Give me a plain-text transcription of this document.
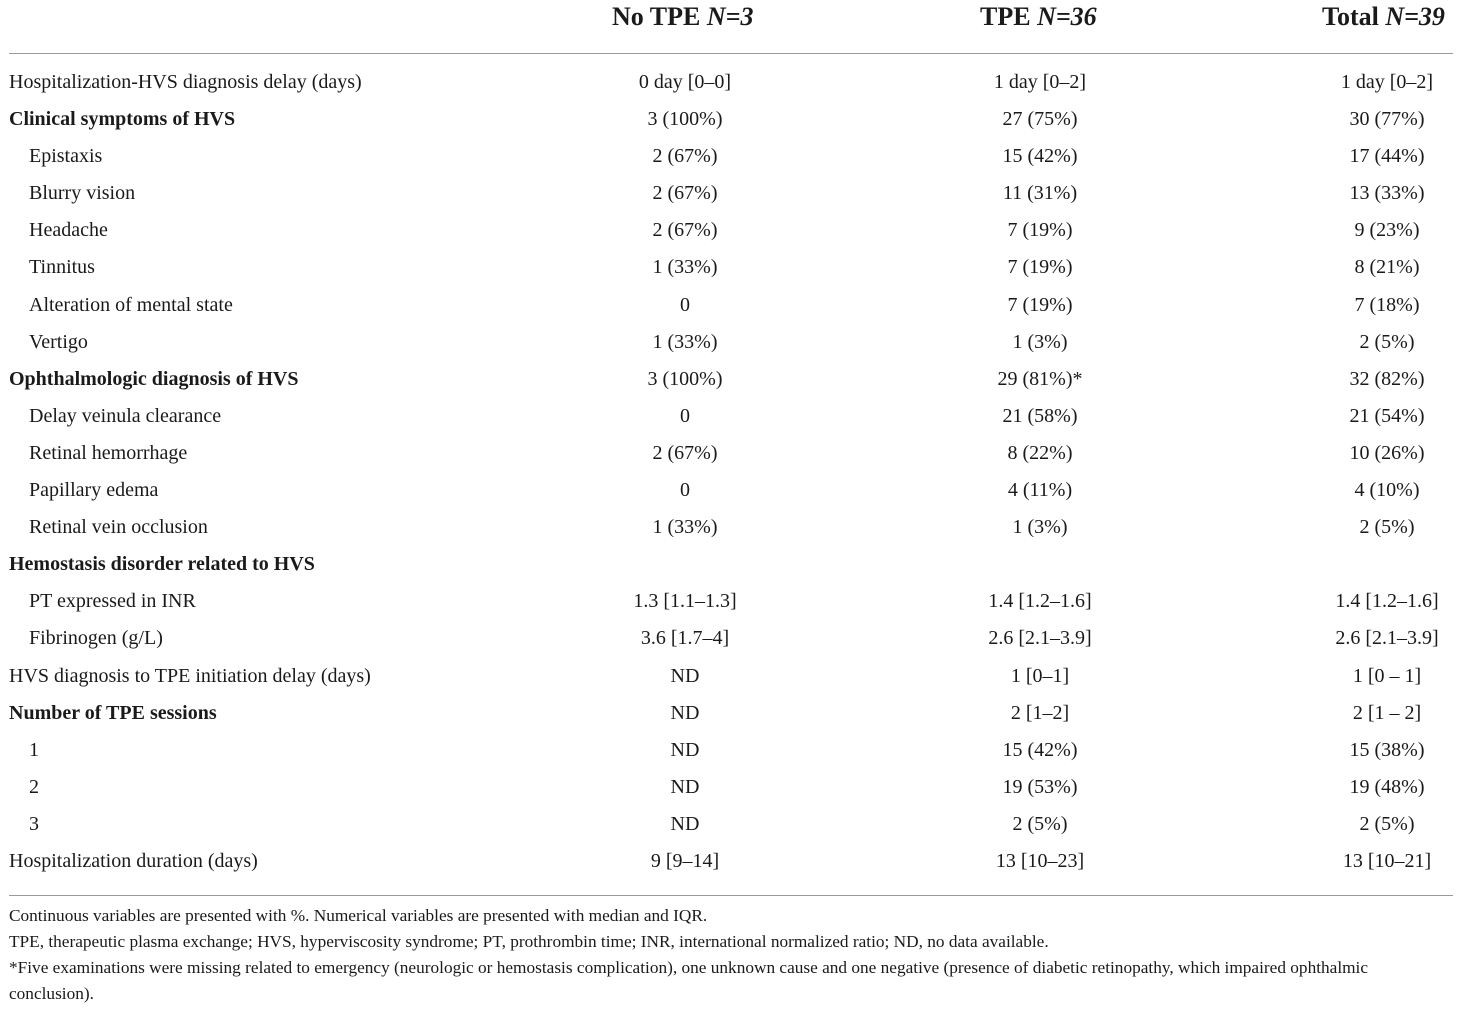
No TPE N=3	TPE N=36	Total N=39
Hospitalization-HVS diagnosis delay (days)	0 day [0–0]	1 day [0–2]	1 day [0–2]
Clinical symptoms of HVS	3 (100%)	27 (75%)	30 (77%)
Epistaxis	2 (67%)	15 (42%)	17 (44%)
Blurry vision	2 (67%)	11 (31%)	13 (33%)
Headache	2 (67%)	7 (19%)	9 (23%)
Tinnitus	1 (33%)	7 (19%)	8 (21%)
Alteration of mental state	0	7 (19%)	7 (18%)
Vertigo	1 (33%)	1 (3%)	2 (5%)
Ophthalmologic diagnosis of HVS	3 (100%)	29 (81%)*	32 (82%)
Delay veinula clearance	0	21 (58%)	21 (54%)
Retinal hemorrhage	2 (67%)	8 (22%)	10 (26%)
Papillary edema	0	4 (11%)	4 (10%)
Retinal vein occlusion	1 (33%)	1 (3%)	2 (5%)
Hemostasis disorder related to HVS
PT expressed in INR	1.3 [1.1–1.3]	1.4 [1.2–1.6]	1.4 [1.2–1.6]
Fibrinogen (g/L)	3.6 [1.7–4]	2.6 [2.1–3.9]	2.6 [2.1–3.9]
HVS diagnosis to TPE initiation delay (days)	ND	1 [0–1]	1 [0 – 1]
Number of TPE sessions	ND	2 [1–2]	2 [1 – 2]
1	ND	15 (42%)	15 (38%)
2	ND	19 (53%)	19 (48%)
3	ND	2 (5%)	2 (5%)
Hospitalization duration (days)	9 [9–14]	13 [10–23]	13 [10–21]

Continuous variables are presented with %. Numerical variables are presented with median and IQR.

TPE, therapeutic plasma exchange; HVS, hyperviscosity syndrome; PT, prothrombin time; INR, international normalized ratio; ND, no data available.

*Five examinations were missing related to emergency (neurologic or hemostasis complication), one unknown cause and one negative (presence of diabetic retinopathy, which impaired ophthalmic conclusion).
